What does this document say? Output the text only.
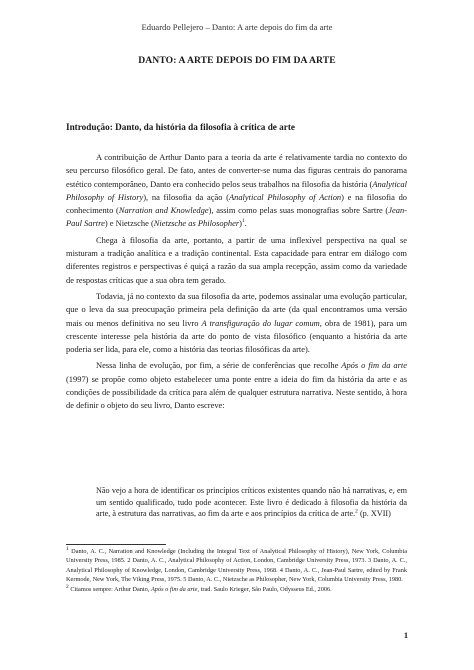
Eduardo Pellejero – Danto: A arte depois do fim da arte
DANTO: A ARTE DEPOIS DO FIM DA ARTE
Introdução: Danto, da história da filosofia à crítica de arte

A contribuição de Arthur Danto para a teoria da arte é relativamente tardia no contexto do seu percurso filosófico geral. De fato, antes de converter-se numa das figuras centrais do panorama estético contemporâneo, Danto era conhecido pelos seus trabalhos na filosofia da história (Analytical Philosophy of History), na filosofia da ação (Analytical Philosophy of Action) e na filosofia do conhecimento (Narration and Knowledge), assim como pelas suas monografias sobre Sartre (Jean-Paul Sartre) e Nietzsche (Nietzsche as Philosopher)$^1$.

Chega à filosofia da arte, portanto, a partir de uma inflexível perspectiva na qual se misturam a tradição analítica e a tradição continental. Esta capacidade para entrar em diálogo com diferentes registros e perspectivas é quiçá a razão da sua ampla recepção, assim como da variedade de respostas críticas que a sua obra tem gerado.

Todavia, já no contexto da sua filosofia da arte, podemos assinalar uma evolução particular, que o leva da sua preocupação primeira pela definição da arte (da qual encontramos uma versão mais ou menos definitiva no seu livro A transfiguração do lugar comum, obra de 1981), para um crescente interesse pela história da arte do ponto de vista filosófico (enquanto a história da arte poderia ser lida, para ele, como a história das teorias filosóficas da arte).

Nessa linha de evolução, por fim, a série de conferências que recolhe Após o fim da arte (1997) se propõe como objeto estabelecer uma ponte entre a ideia do fim da história da arte e as condições de possibilidade da crítica para além de qualquer estrutura narrativa. Neste sentido, à hora de definir o objeto do seu livro, Danto escreve:

Não vejo a hora de identificar os princípios críticos existentes quando não há narrativas, e, em um sentido qualificado, tudo pode acontecer. Este livro é dedicado à filosofia da história da arte, à estrutura das narrativas, ao fim da arte e aos princípios da crítica de arte.$^2$ (p. XVII)

$^1$ Danto, A. C., Narration and Knowledge (Including the Integral Text of Analytical Philosophy of History), New York, Columbia University Press, 1985. 2 Danto, A. C., Analytical Philosophy of Action, London, Cambridge University Press, 1973. 3 Danto, A. C., Analytical Philosophy of Knowledge, London, Cambridge University Press, 1968. 4 Danto, A. C., Jean-Paul Sartre, edited by Frank Kermode, New York, The Viking Press, 1975. 5 Danto, A. C., Nietzsche as Philosopher, New York, Columbia University Press, 1980.

$^2$ Citamos sempre: Arthur Danto, Após o fim da arte, trad. Saulo Krieger, São Paulo, Odysseus Ed., 2006.

1
